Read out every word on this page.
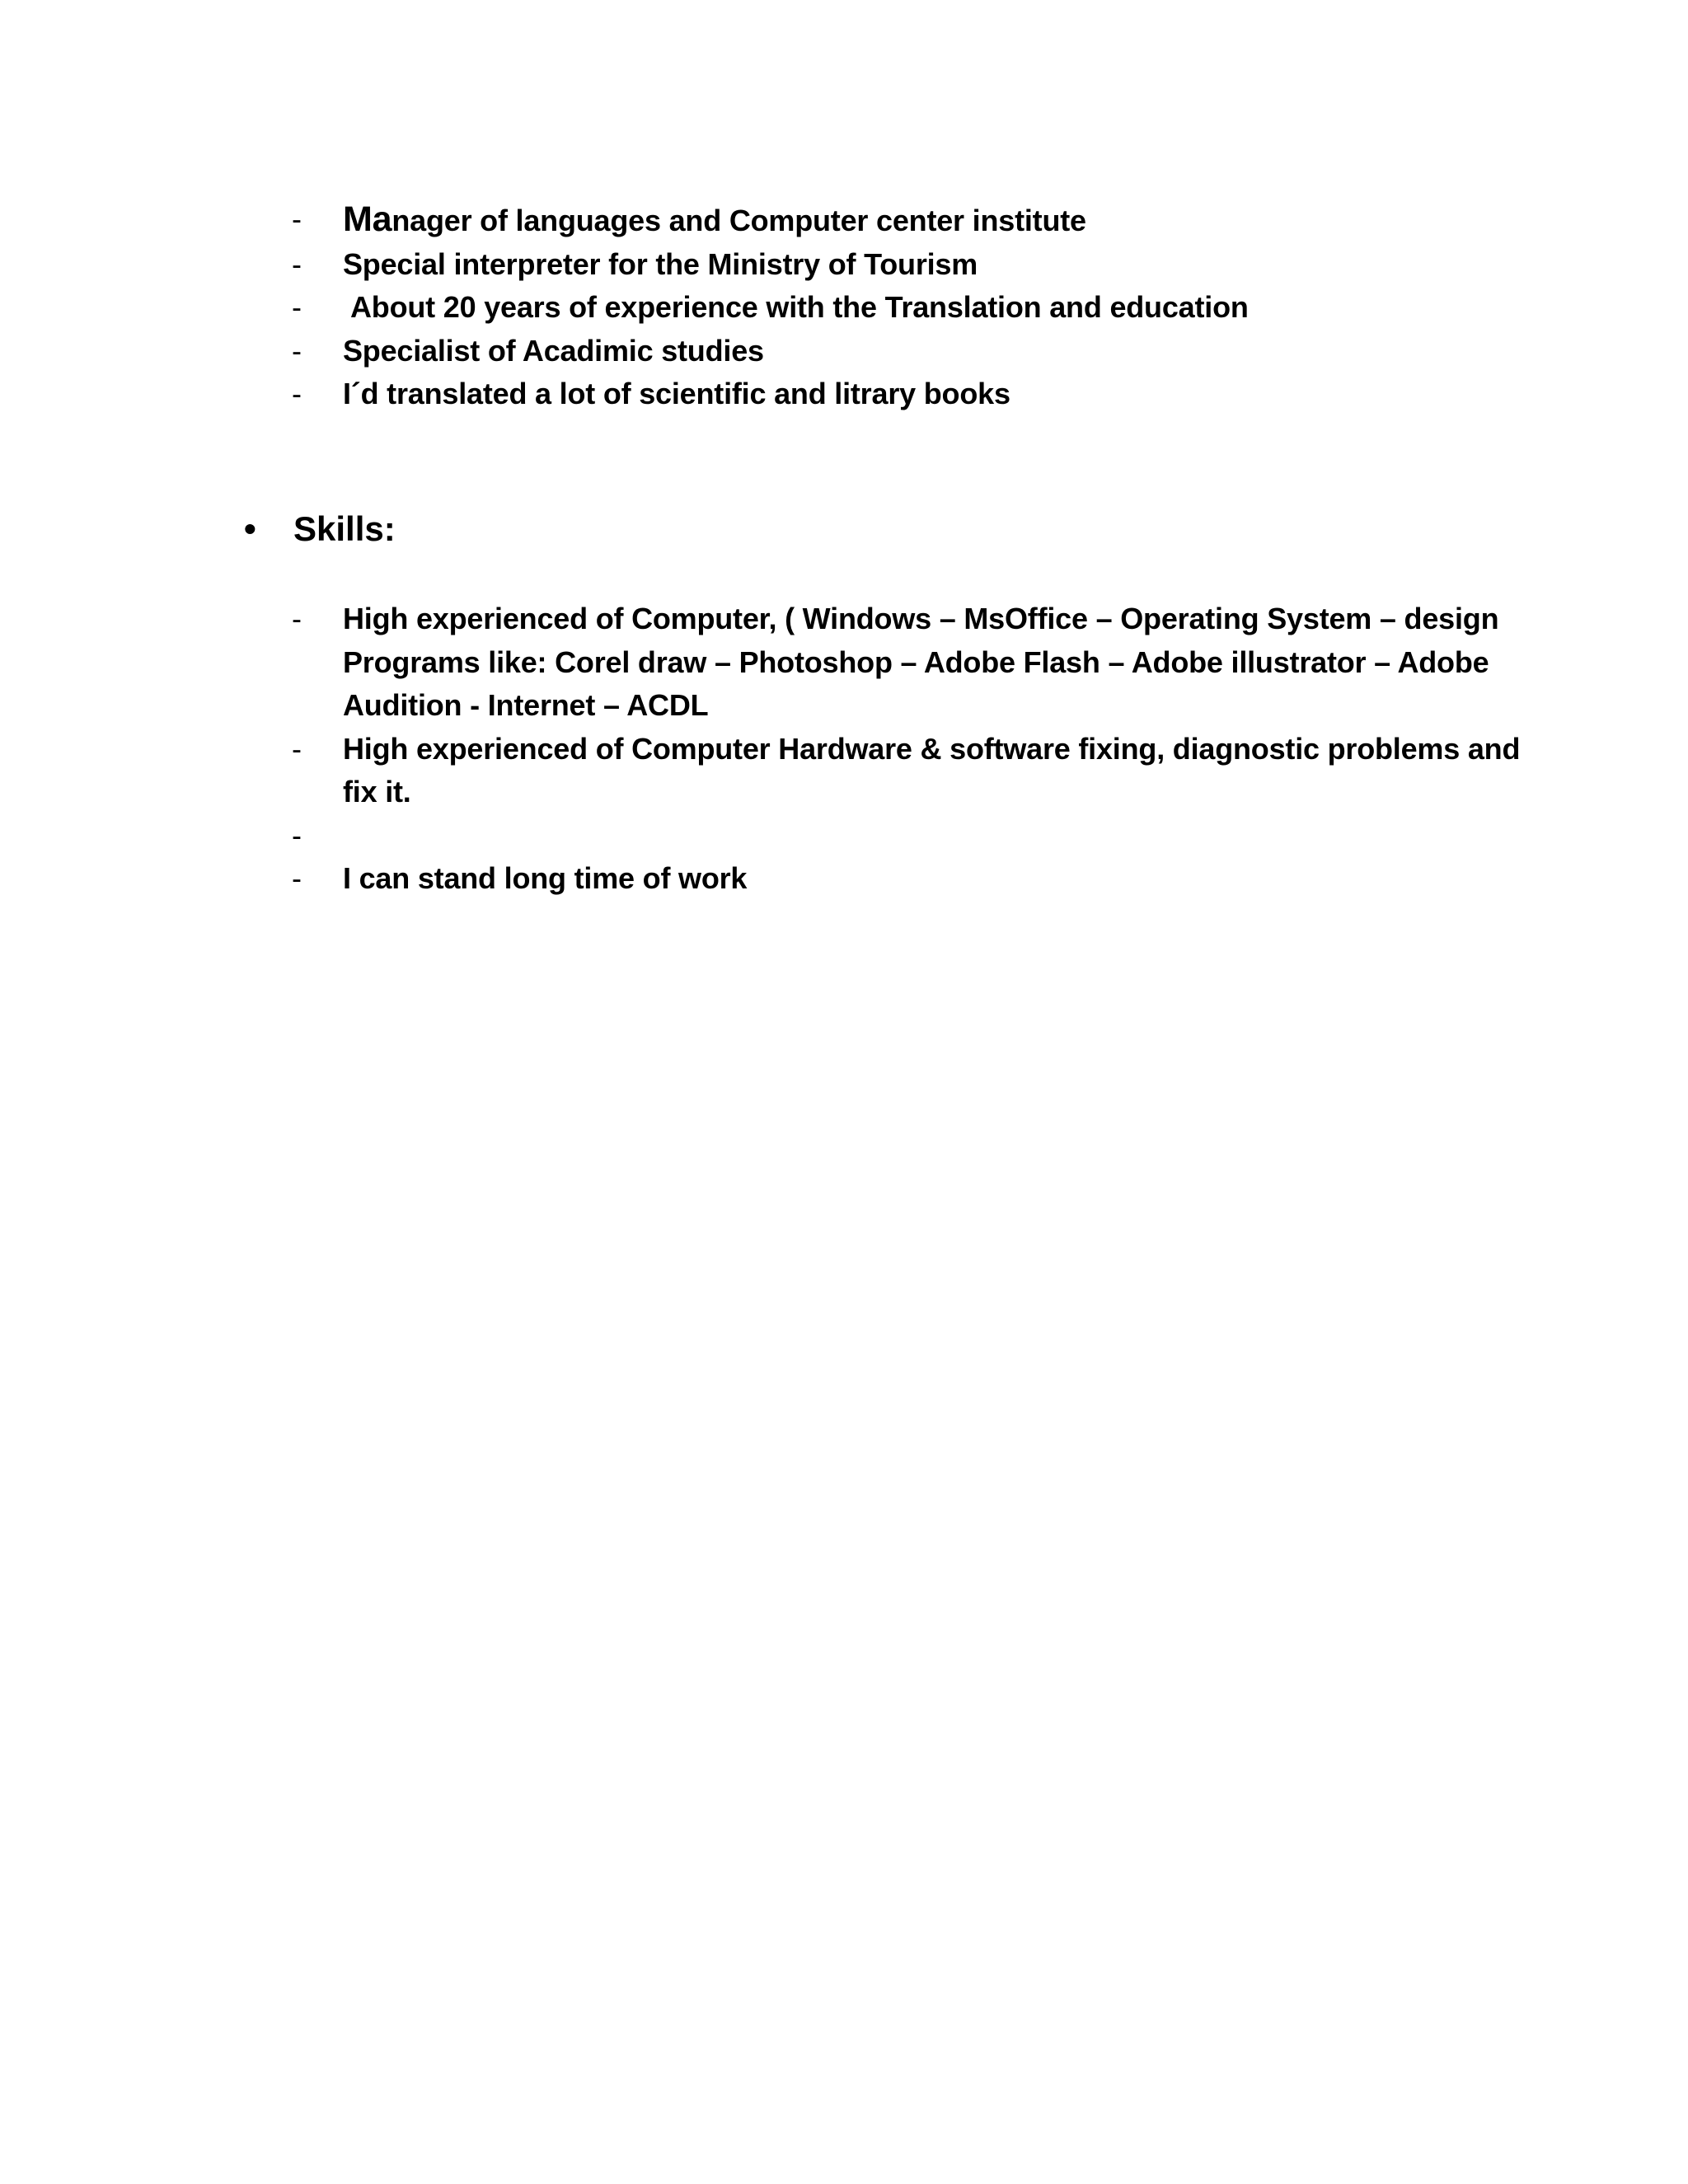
- Manager of languages and Computer center institute
- Special interpreter for the Ministry of Tourism
- About 20 years of experience with the Translation and education
- Specialist of Acadimic studies
- I´d translated a lot of scientific and litrary books
• Skills:
- High experienced of Computer, ( Windows – MsOffice – Operating System – design Programs like: Corel draw – Photoshop – Adobe Flash – Adobe illustrator – Adobe Audition - Internet – ACDL
- High experienced of Computer Hardware & software fixing, diagnostic problems and fix it.
-
- I can stand long time of work
